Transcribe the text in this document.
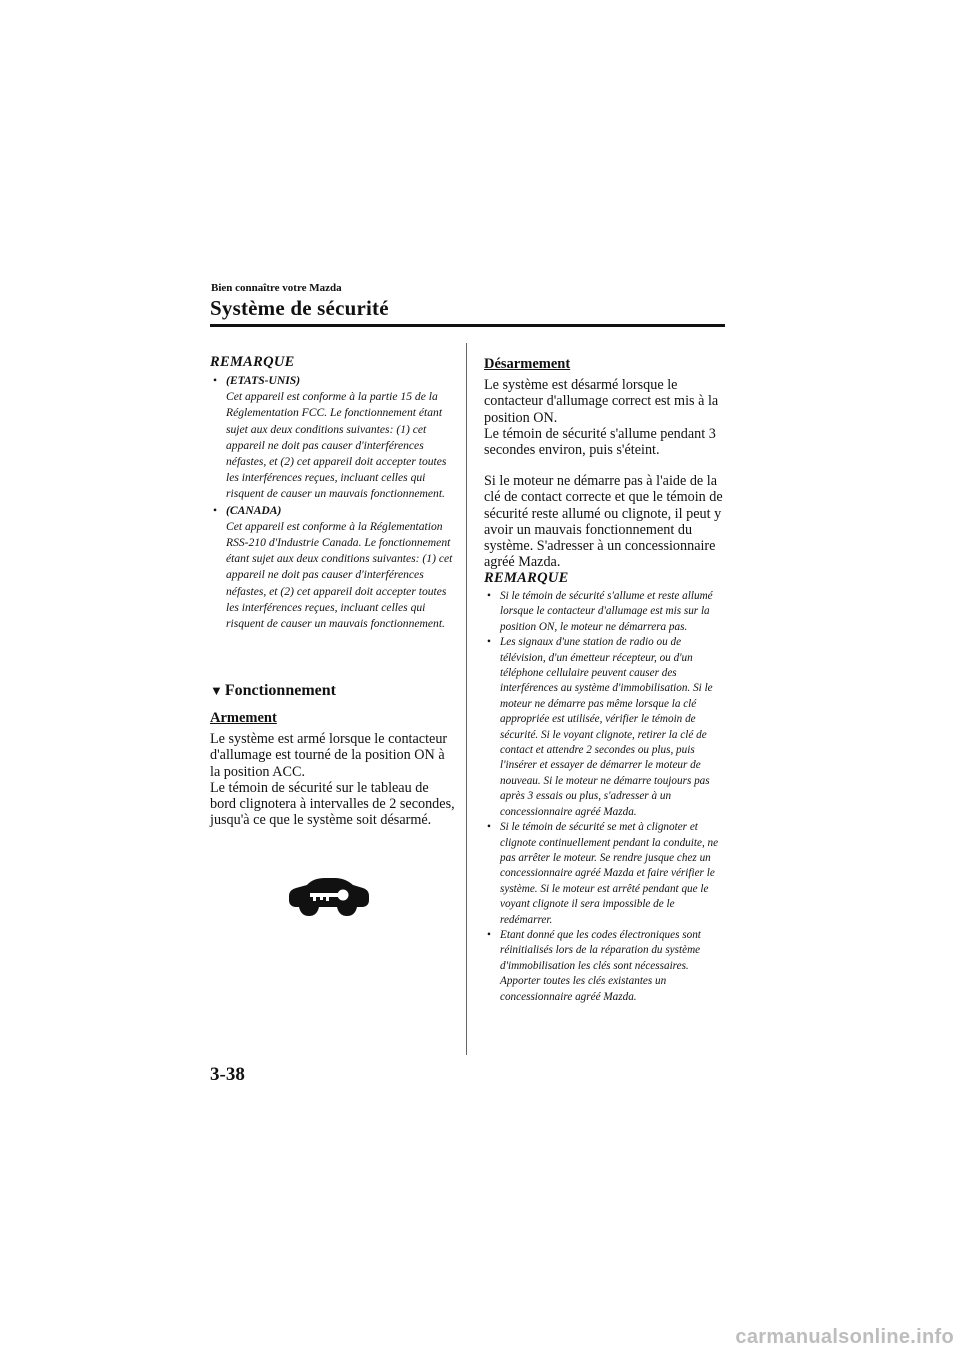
Bien connaître votre Mazda
Système de sécurité
REMARQUE
• (ETATS-UNIS)
Cet appareil est conforme à la partie 15 de la Réglementation FCC. Le fonctionnement étant sujet aux deux conditions suivantes: (1) cet appareil ne doit pas causer d'interférences néfastes, et (2) cet appareil doit accepter toutes les interférences reçues, incluant celles qui risquent de causer un mauvais fonctionnement.
• (CANADA)
Cet appareil est conforme à la Réglementation RSS-210 d'Industrie Canada. Le fonctionnement étant sujet aux deux conditions suivantes: (1) cet appareil ne doit pas causer d'interférences néfastes, et (2) cet appareil doit accepter toutes les interférences reçues, incluant celles qui risquent de causer un mauvais fonctionnement.
▼ Fonctionnement
Armement
Le système est armé lorsque le contacteur d'allumage est tourné de la position ON à la position ACC.
Le témoin de sécurité sur le tableau de bord clignotera à intervalles de 2 secondes, jusqu'à ce que le système soit désarmé.
Désarmement
Le système est désarmé lorsque le contacteur d'allumage correct est mis à la position ON.
Le témoin de sécurité s'allume pendant 3 secondes environ, puis s'éteint.
Si le moteur ne démarre pas à l'aide de la clé de contact correcte et que le témoin de sécurité reste allumé ou clignote, il peut y avoir un mauvais fonctionnement du système. S'adresser à un concessionnaire agréé Mazda.
REMARQUE
• Si le témoin de sécurité s'allume et reste allumé lorsque le contacteur d'allumage est mis sur la position ON, le moteur ne démarrera pas.
• Les signaux d'une station de radio ou de télévision, d'un émetteur récepteur, ou d'un téléphone cellulaire peuvent causer des interférences au système d'immobilisation. Si le moteur ne démarre pas même lorsque la clé appropriée est utilisée, vérifier le témoin de sécurité. Si le voyant clignote, retirer la clé de contact et attendre 2 secondes ou plus, puis l'insérer et essayer de démarrer le moteur de nouveau. Si le moteur ne démarre toujours pas après 3 essais ou plus, s'adresser à un concessionnaire agréé Mazda.
• Si le témoin de sécurité se met à clignoter et clignote continuellement pendant la conduite, ne pas arrêter le moteur. Se rendre jusque chez un concessionnaire agréé Mazda et faire vérifier le système. Si le moteur est arrêté pendant que le voyant clignote il sera impossible de le redémarrer.
• Etant donné que les codes électroniques sont réinitialisés lors de la réparation du système d'immobilisation les clés sont nécessaires. Apporter toutes les clés existantes un concessionnaire agréé Mazda.
3-38
carmanualsonline.info
